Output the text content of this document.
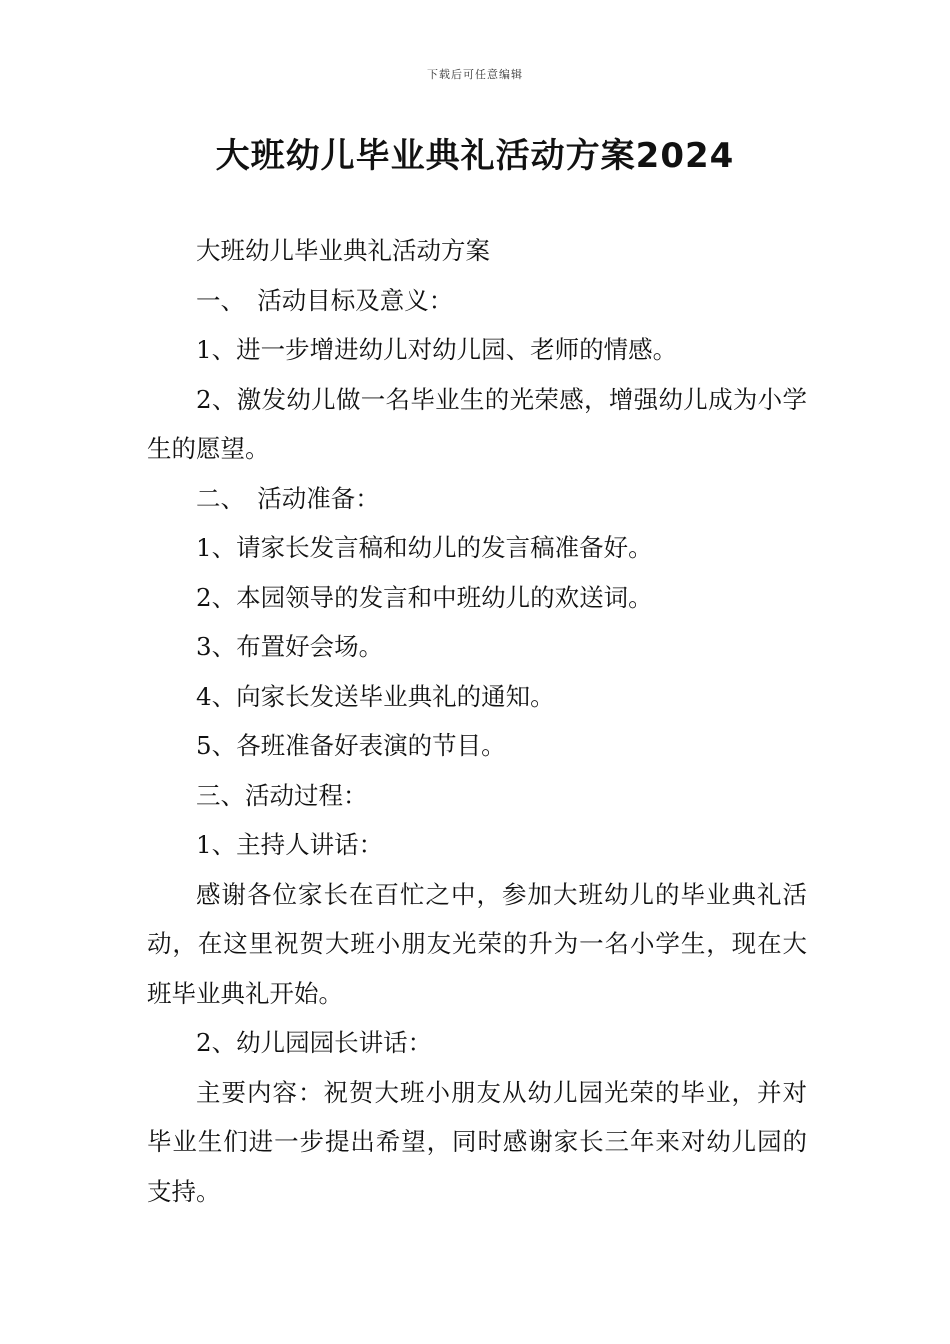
下载后可任意编辑
大班幼儿毕业典礼活动方案2024

大班幼儿毕业典礼活动方案

一、　活动目标及意义：

1、进一步增进幼儿对幼儿园、老师的情感。

2、激发幼儿做一名毕业生的光荣感，增强幼儿成为小学生的愿望。

二、　活动准备：

1、请家长发言稿和幼儿的发言稿准备好。

2、本园领导的发言和中班幼儿的欢送词。

3、布置好会场。

4、向家长发送毕业典礼的通知。

5、各班准备好表演的节目。

三、活动过程：

1、主持人讲话：

感谢各位家长在百忙之中，参加大班幼儿的毕业典礼活动，在这里祝贺大班小朋友光荣的升为一名小学生，现在大班毕业典礼开始。

2、幼儿园园长讲话：

主要内容：祝贺大班小朋友从幼儿园光荣的毕业，并对毕业生们进一步提出希望，同时感谢家长三年来对幼儿园的支持。
